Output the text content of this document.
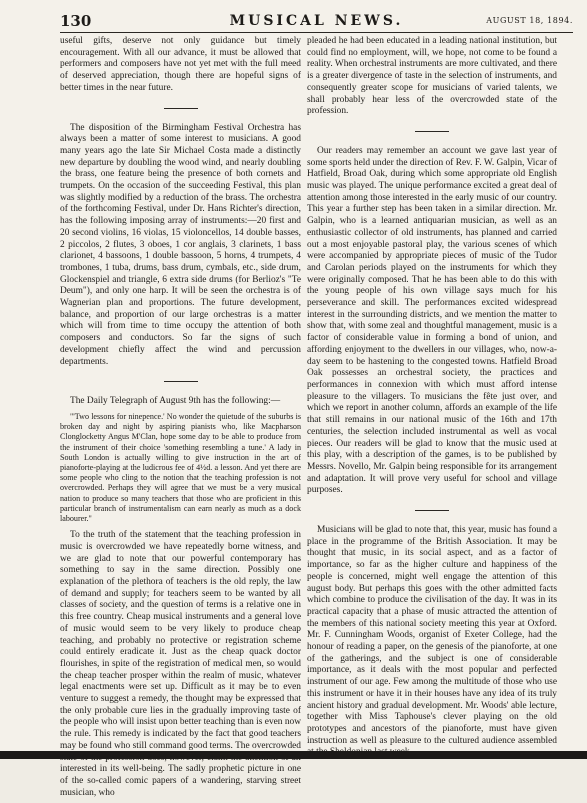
130	MUSICAL NEWS.	AUGUST 18, 1894.

useful gifts, deserve not only guidance but timely encouragement. With all our advance, it must be allowed that performers and composers have not yet met with the full meed of deserved appreciation, though there are hopeful signs of better times in the near future.

The disposition of the Birmingham Festival Orchestra has always been a matter of some interest to musicians. A good many years ago the late Sir Michael Costa made a distinctly new departure by doubling the wood wind, and nearly doubling the brass, one feature being the presence of both cornets and trumpets. On the occasion of the succeeding Festival, this plan was slightly modified by a reduction of the brass. The orchestra of the forthcoming Festival, under Dr. Hans Richter's direction, has the following imposing array of instruments:—20 first and 20 second violins, 16 violas, 15 violoncellos, 14 double basses, 2 piccolos, 2 flutes, 3 oboes, 1 cor anglais, 3 clarinets, 1 bass clarionet, 4 bassoons, 1 double bassoon, 5 horns, 4 trumpets, 4 trombones, 1 tuba, drums, bass drum, cymbals, etc., side drum, Glockenspiel and triangle, 6 extra side drums (for Berlioz's "Te Deum"), and only one harp. It will be seen the orchestra is of Wagnerian plan and proportions. The future development, balance, and proportion of our large orchestras is a matter which will from time to time occupy the attention of both composers and conductors. So far the signs of such development chiefly affect the wind and percussion departments.

The Daily Telegraph of August 9th has the following:—

"'Two lessons for ninepence.' No wonder the quietude of the suburbs is broken day and night by aspiring pianists who, like Macpharson Clonglocketty Angus M'Clan, hope some day to be able to produce from the instrument of their choice 'something resembling a tune.' A lady in South London is actually willing to give instruction in the art of pianoforte-playing at the ludicrous fee of 4½d. a lesson. And yet there are some people who cling to the notion that the teaching profession is not overcrowded. Perhaps they will agree that we must be a very musical nation to produce so many teachers that those who are proficient in this particular branch of instrumentalism can earn nearly as much as a dock labourer."

To the truth of the statement that the teaching profession in music is overcrowded we have repeatedly borne witness, and we are glad to note that our powerful contemporary has something to say in the same direction. Possibly one explanation of the plethora of teachers is the old reply, the law of demand and supply; for teachers seem to be wanted by all classes of society, and the question of terms is a relative one in this free country. Cheap musical instruments and a general love of music would seem to be very likely to produce cheap teaching, and probably no protective or registration scheme could entirely eradicate it. Just as the cheap quack doctor flourishes, in spite of the registration of medical men, so would the cheap teacher prosper within the realm of music, whatever legal enactments were set up. Difficult as it may be to even venture to suggest a remedy, the thought may be expressed that the only probable cure lies in the gradually improving taste of the people who will insist upon better teaching than is even now the rule. This remedy is indicated by the fact that good teachers may be found who still command good terms. The overcrowded interested in its well-being. The sadly prophetic picture in one of the so-called comic papers of a wandering, starving street musician, who

pleaded he had been educated in a leading national institution, but could find no employment, will, we hope, not come to be found a reality. When orchestral instruments are more cultivated, and there is a greater divergence of taste in the selection of instruments, and consequently greater scope for musicians of varied talents, we shall probably hear less of the overcrowded state of the profession.

Our readers may remember an account we gave last year of some sports held under the direction of Rev. F. W. Galpin, Vicar of Hatfield, Broad Oak, during which some appropriate old English music was played. The unique performance excited a great deal of attention among those interested in the early music of our country. This year a further step has been taken in a similar direction. Mr. Galpin, who is a learned antiquarian musician, as well as an enthusiastic collector of old instruments, has planned and carried out a most enjoyable pastoral play, the various scenes of which were accompanied by appropriate pieces of music of the Tudor and Carolan periods played on the instruments for which they were originally composed. That he has been able to do this with the young people of his own village says much for his perseverance and skill. The performances excited widespread interest in the surrounding districts, and we mention the matter to show that, with some zeal and thoughtful management, music is a factor of considerable value in forming a bond of union, and affording enjoyment to the dwellers in our villages, who, now-a-day seem to be hastening to the congested towns. Hatfield Broad Oak possesses an orchestral society, the practices and performances in connexion with which must afford intense pleasure to the villagers. To musicians the fête just over, and which we report in another column, affords an example of the life that still remains in our national music of the 16th and 17th centuries, the selection included instrumental as well as vocal pieces. Our readers will be glad to know that the music used at this play, with a description of the games, is to be published by Messrs. Novello, Mr. Galpin being responsible for its arrangement and adaptation. It will prove very useful for school and village purposes.

Musicians will be glad to note that, this year, music has found a place in the programme of the British Association. It may be thought that music, in its social aspect, and as a factor of importance, so far as the higher culture and happiness of the people is concerned, might well engage the attention of this august body. But perhaps this goes with the other admitted facts which combine to produce the civilisation of the day. It was in its practical capacity that a phase of music attracted the attention of the members of this national society meeting this year at Oxford. Mr. F. Cunningham Woods, organist of Exeter College, had the honour of reading a paper, on the genesis of the pianoforte, at one of the gatherings, and the subject is one of considerable importance, as it deals with the most popular and perfected instrument of our age. Few among the multitude of those who use this instrument or have it in their houses have any idea of its truly ancient history and gradual development. Mr. Woods' able lecture, together with Miss Taphouse's clever playing on the old prototypes and ancestors of the pianoforte, must have given instruction as well as pleasure to the cultured audience assembled
